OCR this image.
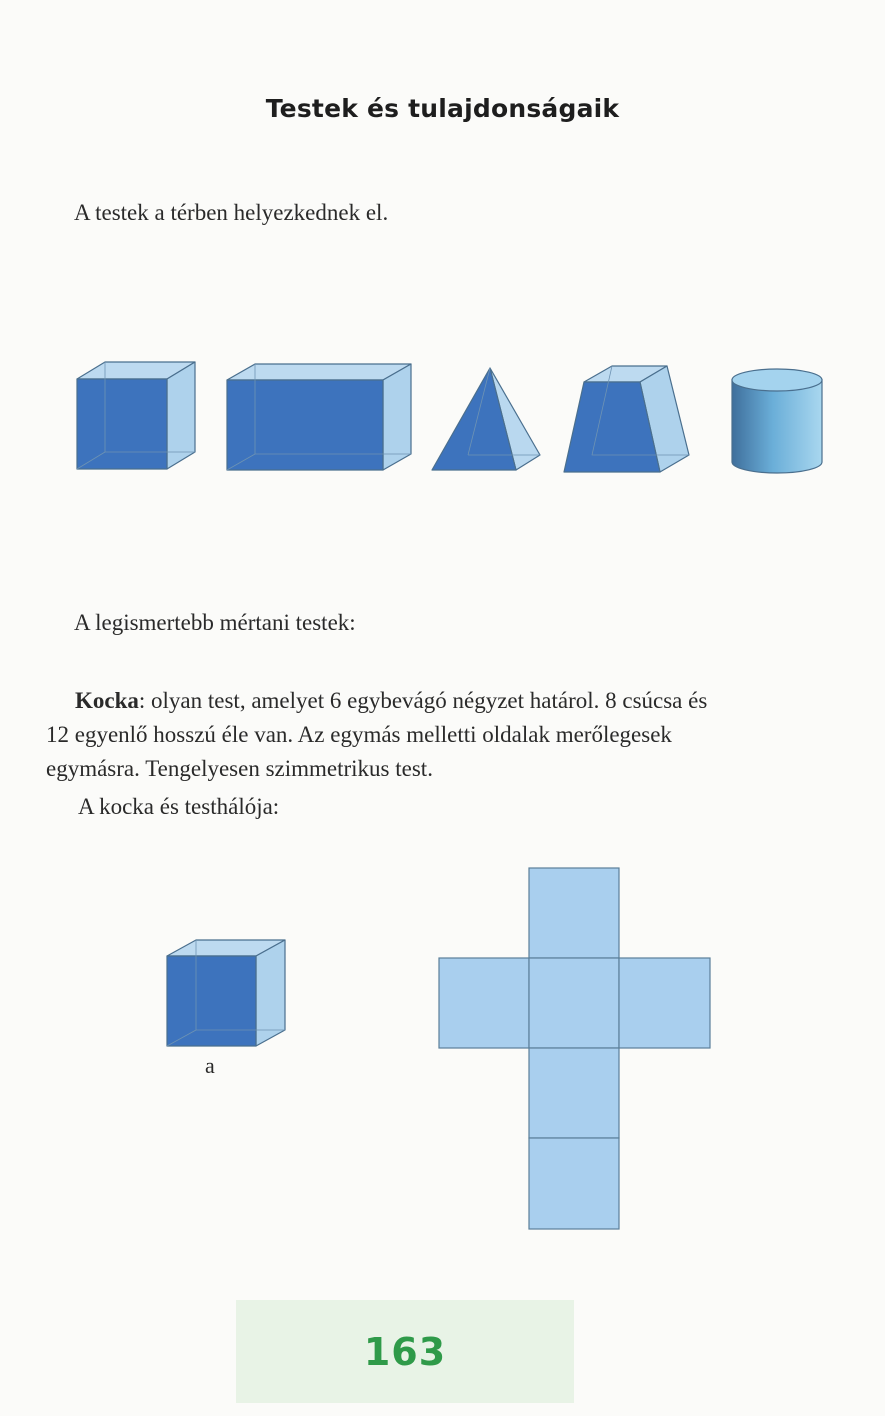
Testek és tulajdonságaik
A testek a térben helyezkednek el.
A legismertebb mértani testek:
Kocka: olyan test, amelyet 6 egybevágó négyzet határol. 8 csúcsa és
12 egyenlő hosszú éle van. Az egymás melletti oldalak merőlegesek
egymásra. Tengelyesen szimmetrikus test.
A kocka és testhálója:
a
163
